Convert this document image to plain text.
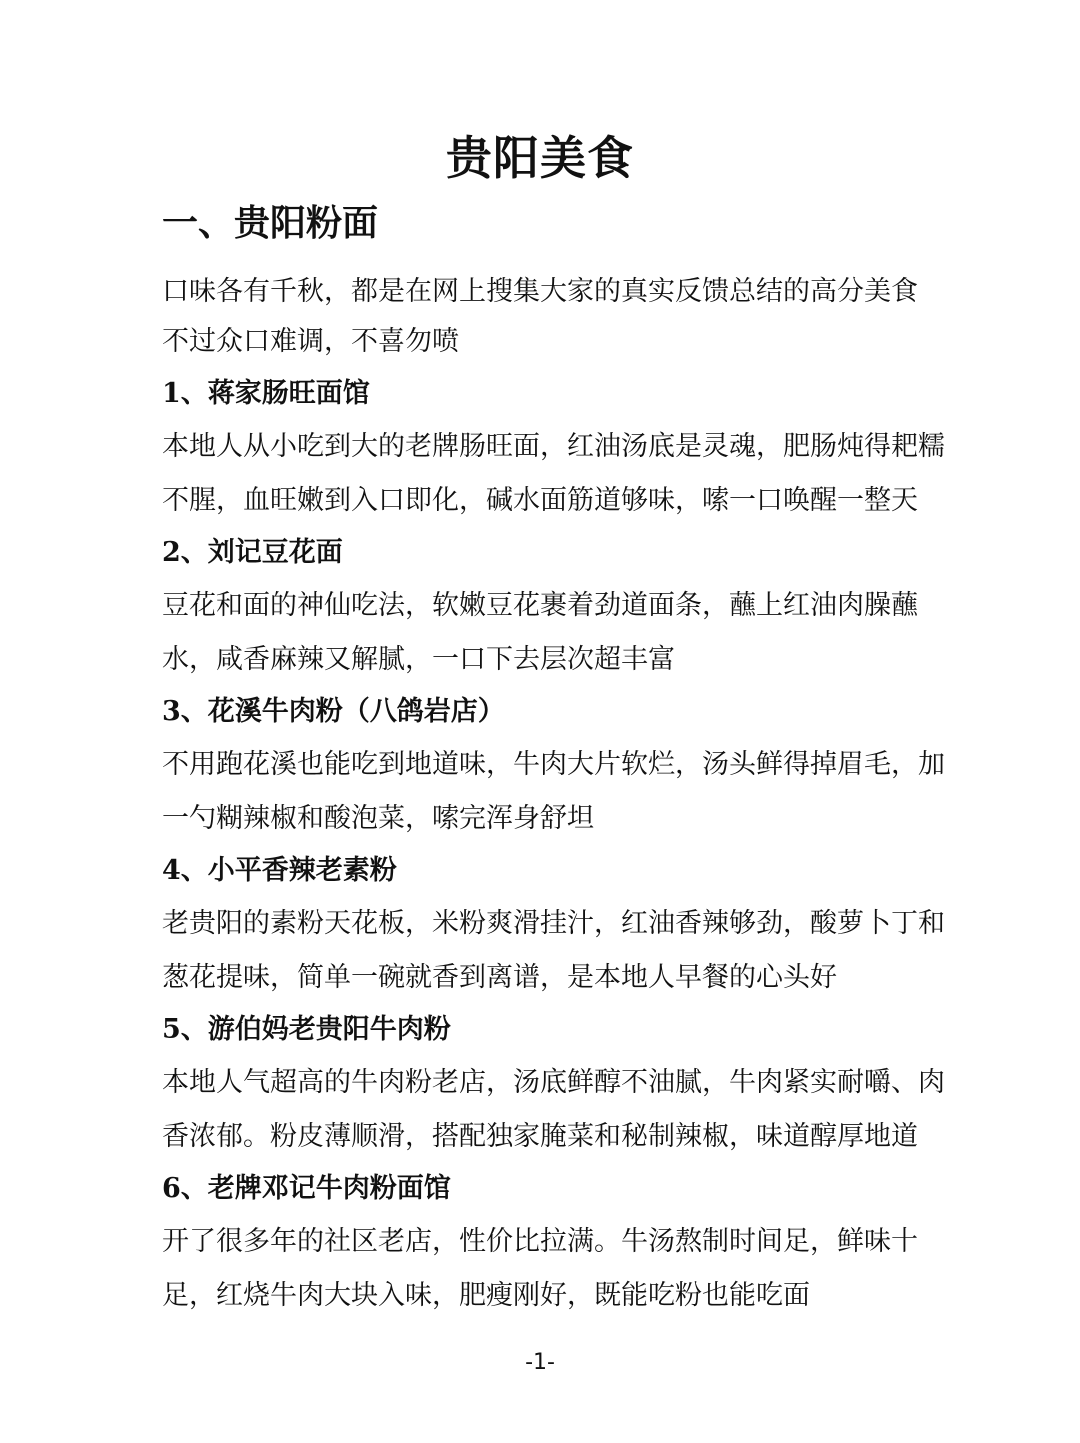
贵阳美食
一、贵阳粉面
口味各有千秋，都是在网上搜集大家的真实反馈总结的高分美食
不过众口难调，不喜勿喷
1、蒋家肠旺面馆
本地人从小吃到大的老牌肠旺面，红油汤底是灵魂，肥肠炖得耙糯
不腥，血旺嫩到入口即化，碱水面筋道够味，嗦一口唤醒一整天
2、刘记豆花面
豆花和面的神仙吃法，软嫩豆花裹着劲道面条，蘸上红油肉臊蘸
水，咸香麻辣又解腻，一口下去层次超丰富
3、花溪牛肉粉（八鸽岩店）
不用跑花溪也能吃到地道味，牛肉大片软烂，汤头鲜得掉眉毛，加
一勺糊辣椒和酸泡菜，嗦完浑身舒坦
4、小平香辣老素粉
老贵阳的素粉天花板，米粉爽滑挂汁，红油香辣够劲，酸萝卜丁和
葱花提味，简单一碗就香到离谱，是本地人早餐的心头好
5、游伯妈老贵阳牛肉粉
本地人气超高的牛肉粉老店，汤底鲜醇不油腻，牛肉紧实耐嚼、肉
香浓郁。粉皮薄顺滑，搭配独家腌菜和秘制辣椒，味道醇厚地道
6、老牌邓记牛肉粉面馆
开了很多年的社区老店，性价比拉满。牛汤熬制时间足，鲜味十
足，红烧牛肉大块入味，肥瘦刚好，既能吃粉也能吃面
-1-
